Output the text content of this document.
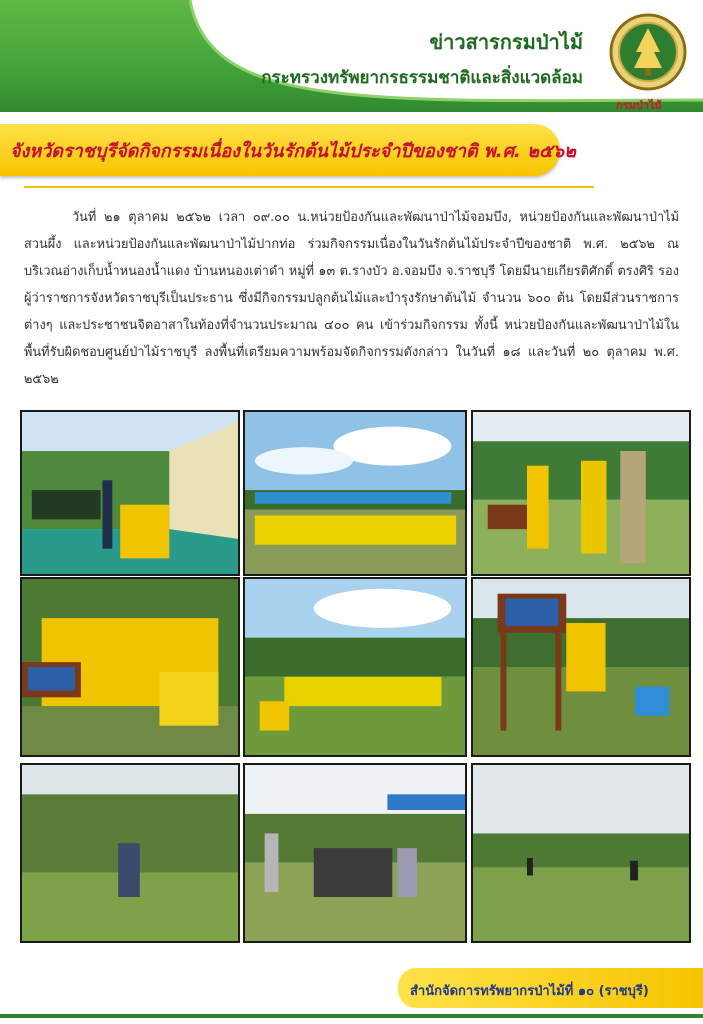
ข่าวสารกรมป่าไม้
กระทรวงทรัพยากรธรรมชาติและสิ่งแวดล้อม
กรมป่าไม้
จังหวัดราชบุรีจัดกิจกรรมเนื่องในวันรักต้นไม้ประจำปีของชาติ พ.ศ. ๒๕๖๒

วันที่ ๒๑ ตุลาคม ๒๕๖๒ เวลา ๐๙.๐๐ น.หน่วยป้องกันและพัฒนาป่าไม้จอมบึง, หน่วยป้องกันและพัฒนาป่าไม้สวนผึ้ง และหน่วยป้องกันและพัฒนาป่าไม้ปากท่อ ร่วมกิจกรรมเนื่องในวันรักต้นไม้ประจำปีของชาติ พ.ศ. ๒๕๖๒ ณ บริเวณอ่างเก็บน้ำหนองน้ำแดง บ้านหนองเต่าดำ หมู่ที่ ๑๓ ต.รางบัว อ.จอมบึง จ.ราชบุรี โดยมีนายเกียรติศักดิ์ ตรงศิริ รองผู้ว่าราชการจังหวัดราชบุรีเป็นประธาน ซึ่งมีกิจกรรมปลูกต้นไม้และบำรุงรักษาต้นไม้ จำนวน ๖๐๐ ต้น โดยมีส่วนราชการต่างๆ และประชาชนจิตอาสาในท้องที่จำนวนประมาณ ๔๐๐ คน เข้าร่วมกิจกรรม ทั้งนี้ หน่วยป้องกันและพัฒนาป่าไม้ในพื้นที่รับผิดชอบศูนย์ป่าไม้ราชบุรี ลงพื้นที่เตรียมความพร้อมจัดกิจกรรมดังกล่าว ในวันที่ ๑๘ และวันที่ ๒๐ ตุลาคม พ.ศ. ๒๕๖๒

สำนักจัดการทรัพยากรป่าไม้ที่ ๑๐ (ราชบุรี)
